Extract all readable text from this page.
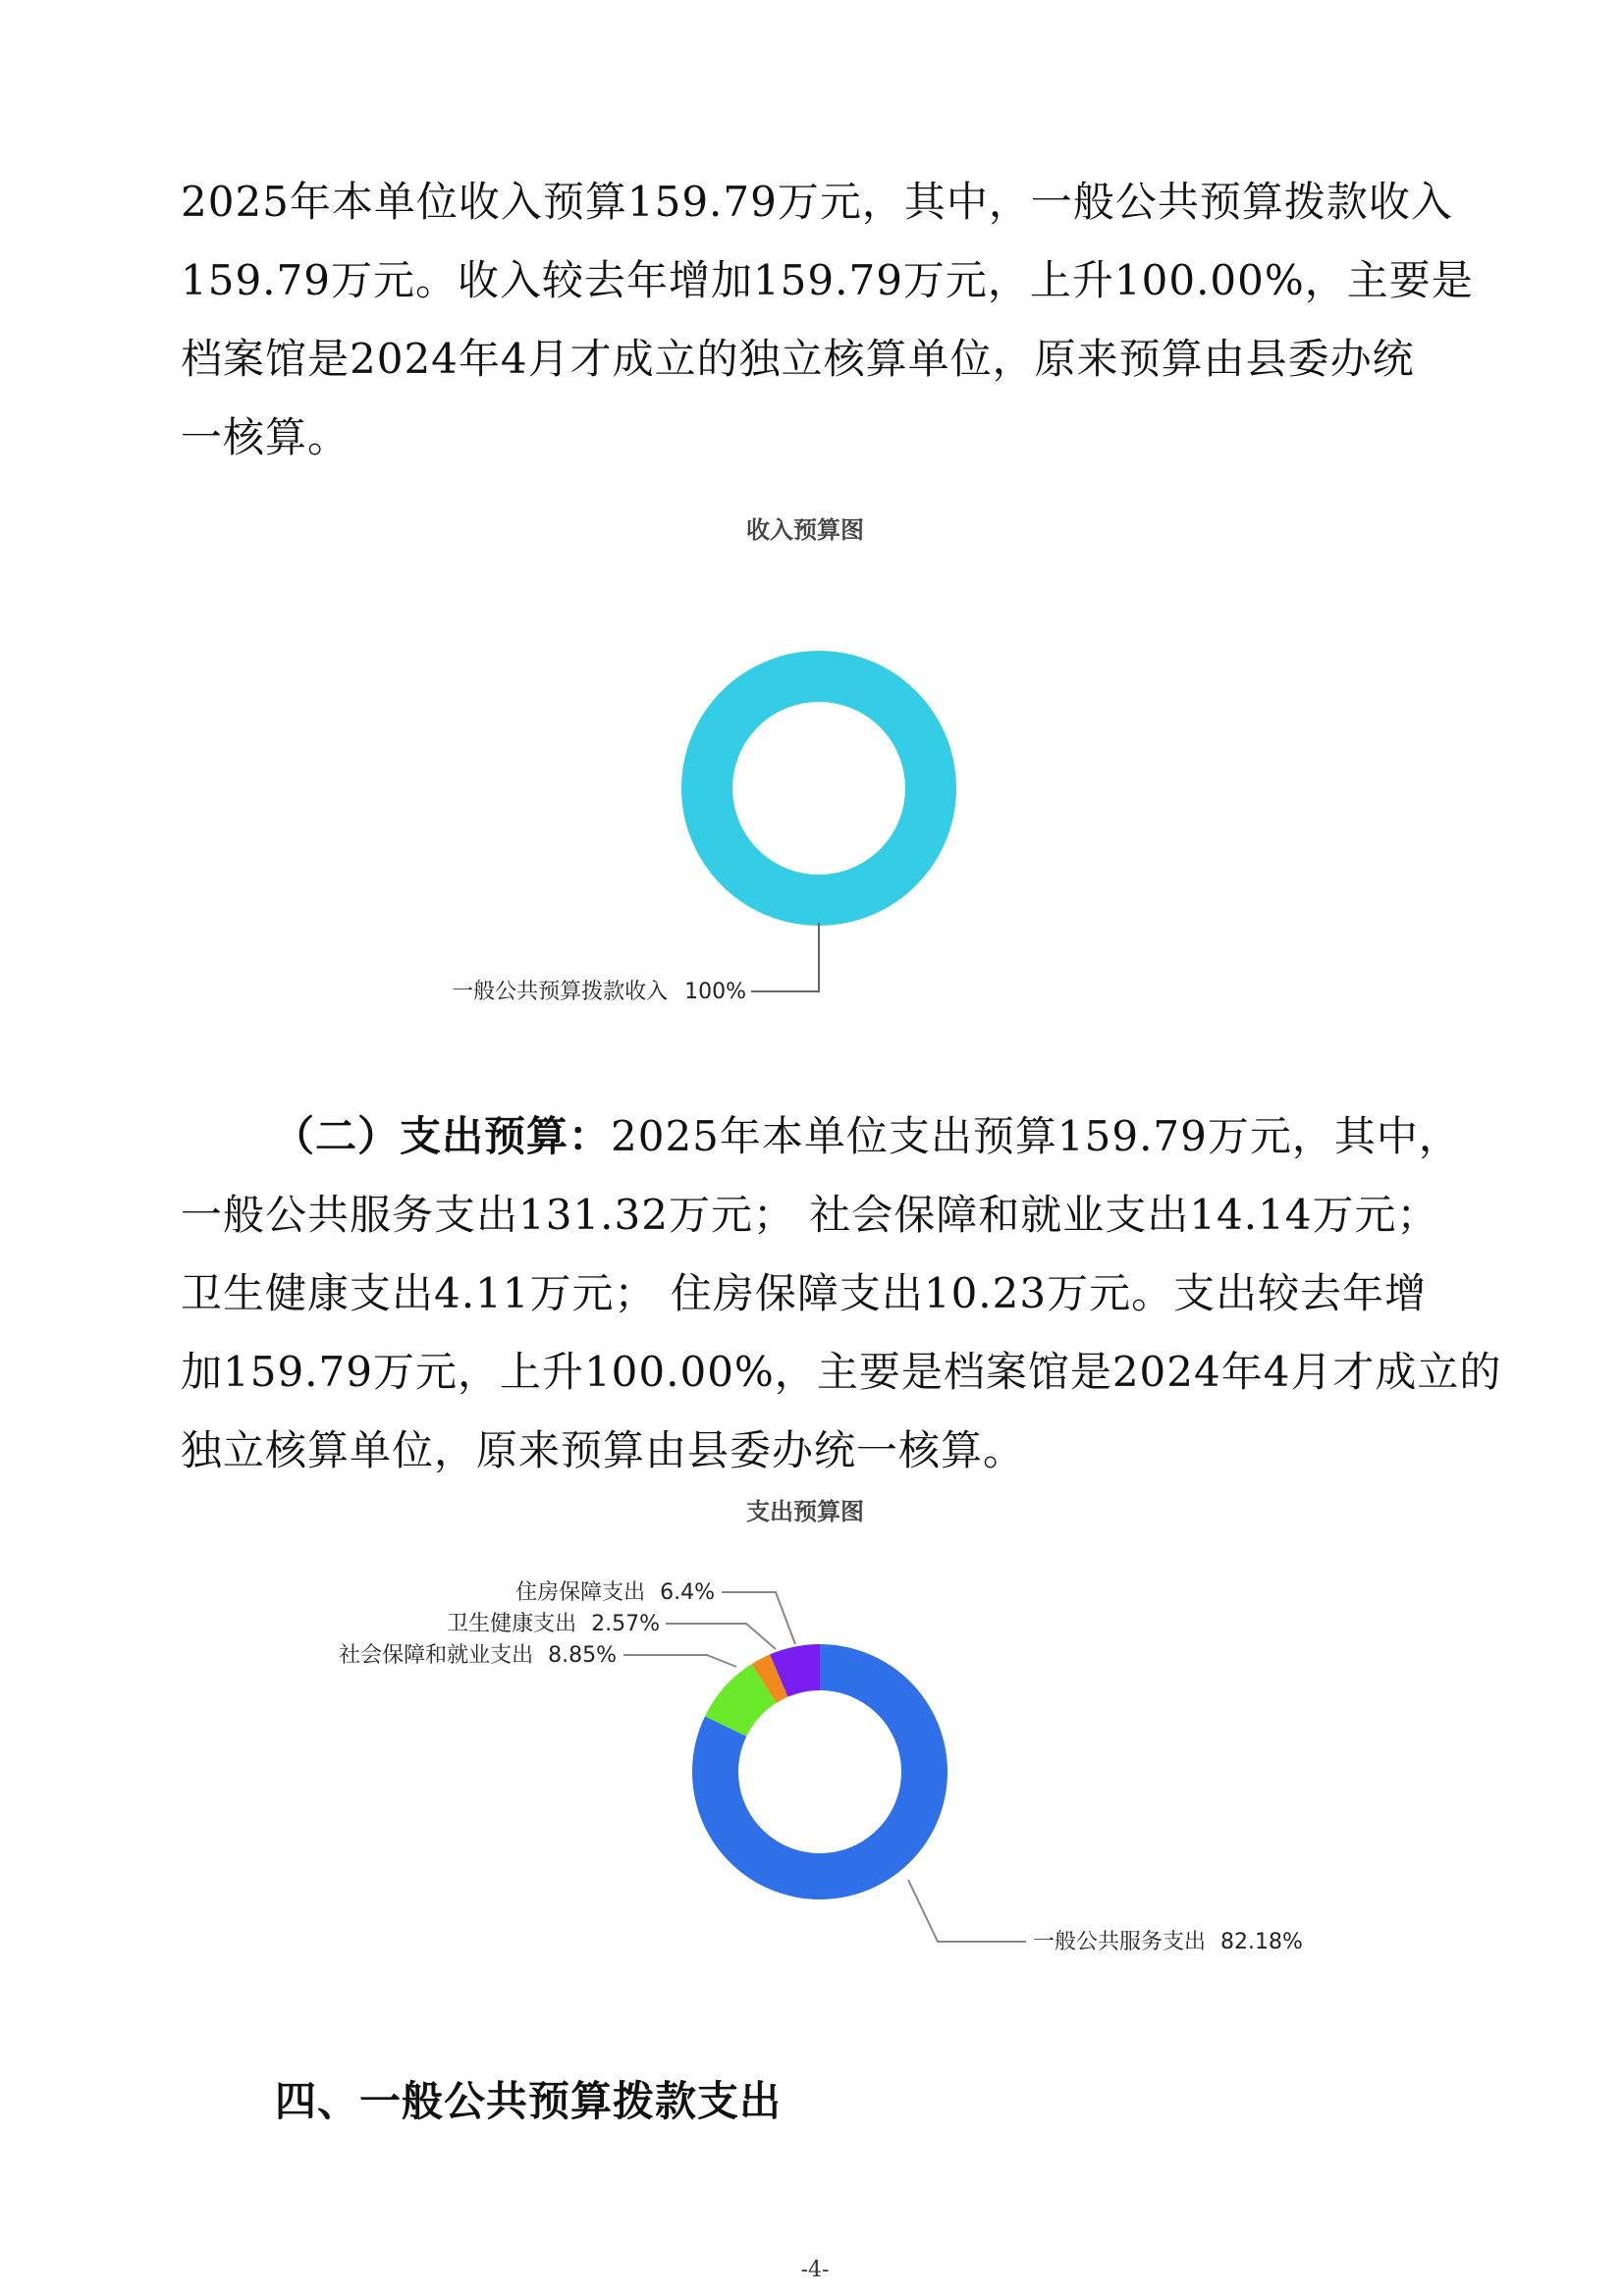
2025年本单位收入预算159.79万元，其中，一般公共预算拨款收入
159.79万元。收入较去年增加159.79万元，上升100.00%，主要是
档案馆是2024年4月才成立的独立核算单位，原来预算由县委办统
一核算。
收入预算图
一般公共预算拨款收入 100%
（二）支出预算：2025年本单位支出预算159.79万元，其中，
一般公共服务支出131.32万元； 社会保障和就业支出14.14万元；
卫生健康支出4.11万元； 住房保障支出10.23万元。支出较去年增
加159.79万元，上升100.00%，主要是档案馆是2024年4月才成立的
独立核算单位，原来预算由县委办统一核算。
支出预算图
住房保障支出 6.4%
卫生健康支出 2.57%
社会保障和就业支出 8.85%
一般公共服务支出 82.18%
四、一般公共预算拨款支出
-4-
